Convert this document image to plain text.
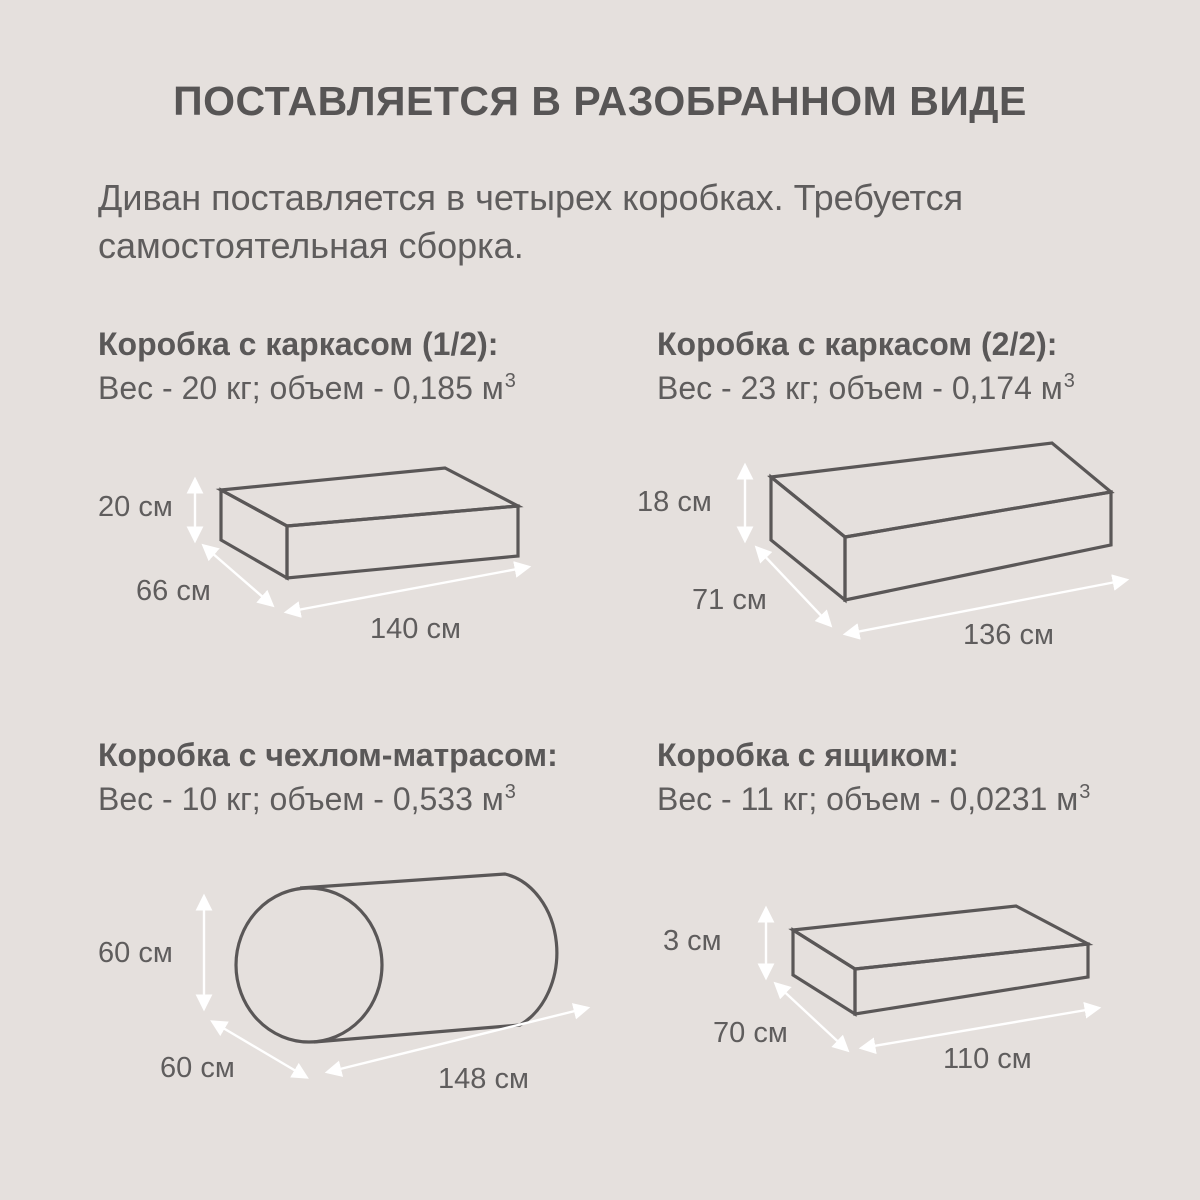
ПОСТАВЛЯЕТСЯ В РАЗОБРАННОМ ВИДЕ
Диван поставляется в четырех коробках. Требуется самостоятельная сборка.
Коробка с каркасом (1/2):
Вес - 20 кг; объем - 0,185 $м^3$
Коробка с каркасом (2/2):
Вес - 23 кг; объем - 0,174 $м^3$
Коробка с чехлом-матрасом:
Вес - 10 кг; объем - 0,533 $м^3$
Коробка с ящиком:
Вес - 11 кг; объем - 0,0231 $м^3$
20 см
66 см
140 см
18 см
71 см
136 см
60 см
60 см	148 см
3 см
70 см
110 см
